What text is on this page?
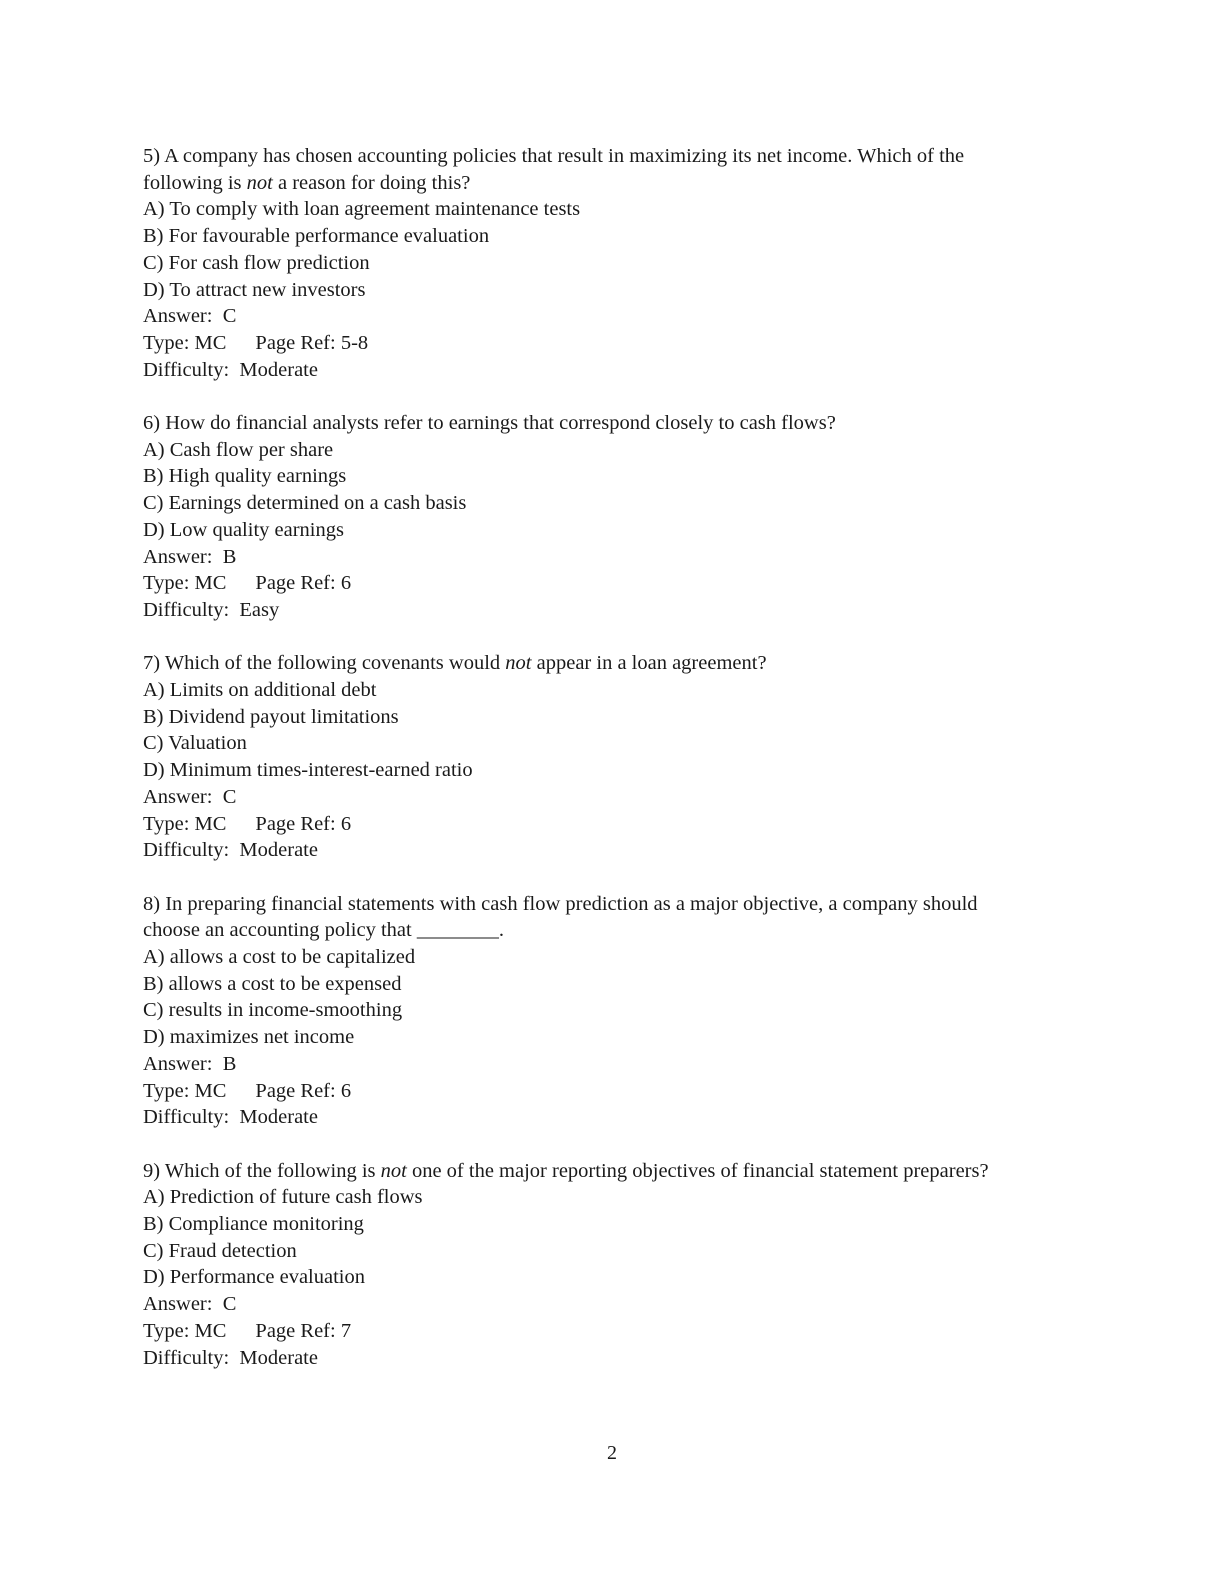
5) A company has chosen accounting policies that result in maximizing its net income. Which of the

following is not a reason for doing this?

A) To comply with loan agreement maintenance tests

B) For favourable performance evaluation

C) For cash flow prediction

D) To attract new investors

Answer:  C

Type: MC Page Ref: 5-8

Difficulty:  Moderate

6) How do financial analysts refer to earnings that correspond closely to cash flows?

A) Cash flow per share

B) High quality earnings

C) Earnings determined on a cash basis

D) Low quality earnings

Answer:  B

Type: MC Page Ref: 6

Difficulty:  Easy

7) Which of the following covenants would not appear in a loan agreement?

A) Limits on additional debt

B) Dividend payout limitations

C) Valuation

D) Minimum times-interest-earned ratio

Answer:  C

Type: MC Page Ref: 6

Difficulty:  Moderate

8) In preparing financial statements with cash flow prediction as a major objective, a company should

choose an accounting policy that ________.

A) allows a cost to be capitalized

B) allows a cost to be expensed

C) results in income-smoothing

D) maximizes net income

Answer:  B

Type: MC Page Ref: 6

Difficulty:  Moderate

9) Which of the following is not one of the major reporting objectives of financial statement preparers?

A) Prediction of future cash flows

B) Compliance monitoring

C) Fraud detection

D) Performance evaluation

Answer:  C

Type: MC Page Ref: 7

Difficulty:  Moderate

2
